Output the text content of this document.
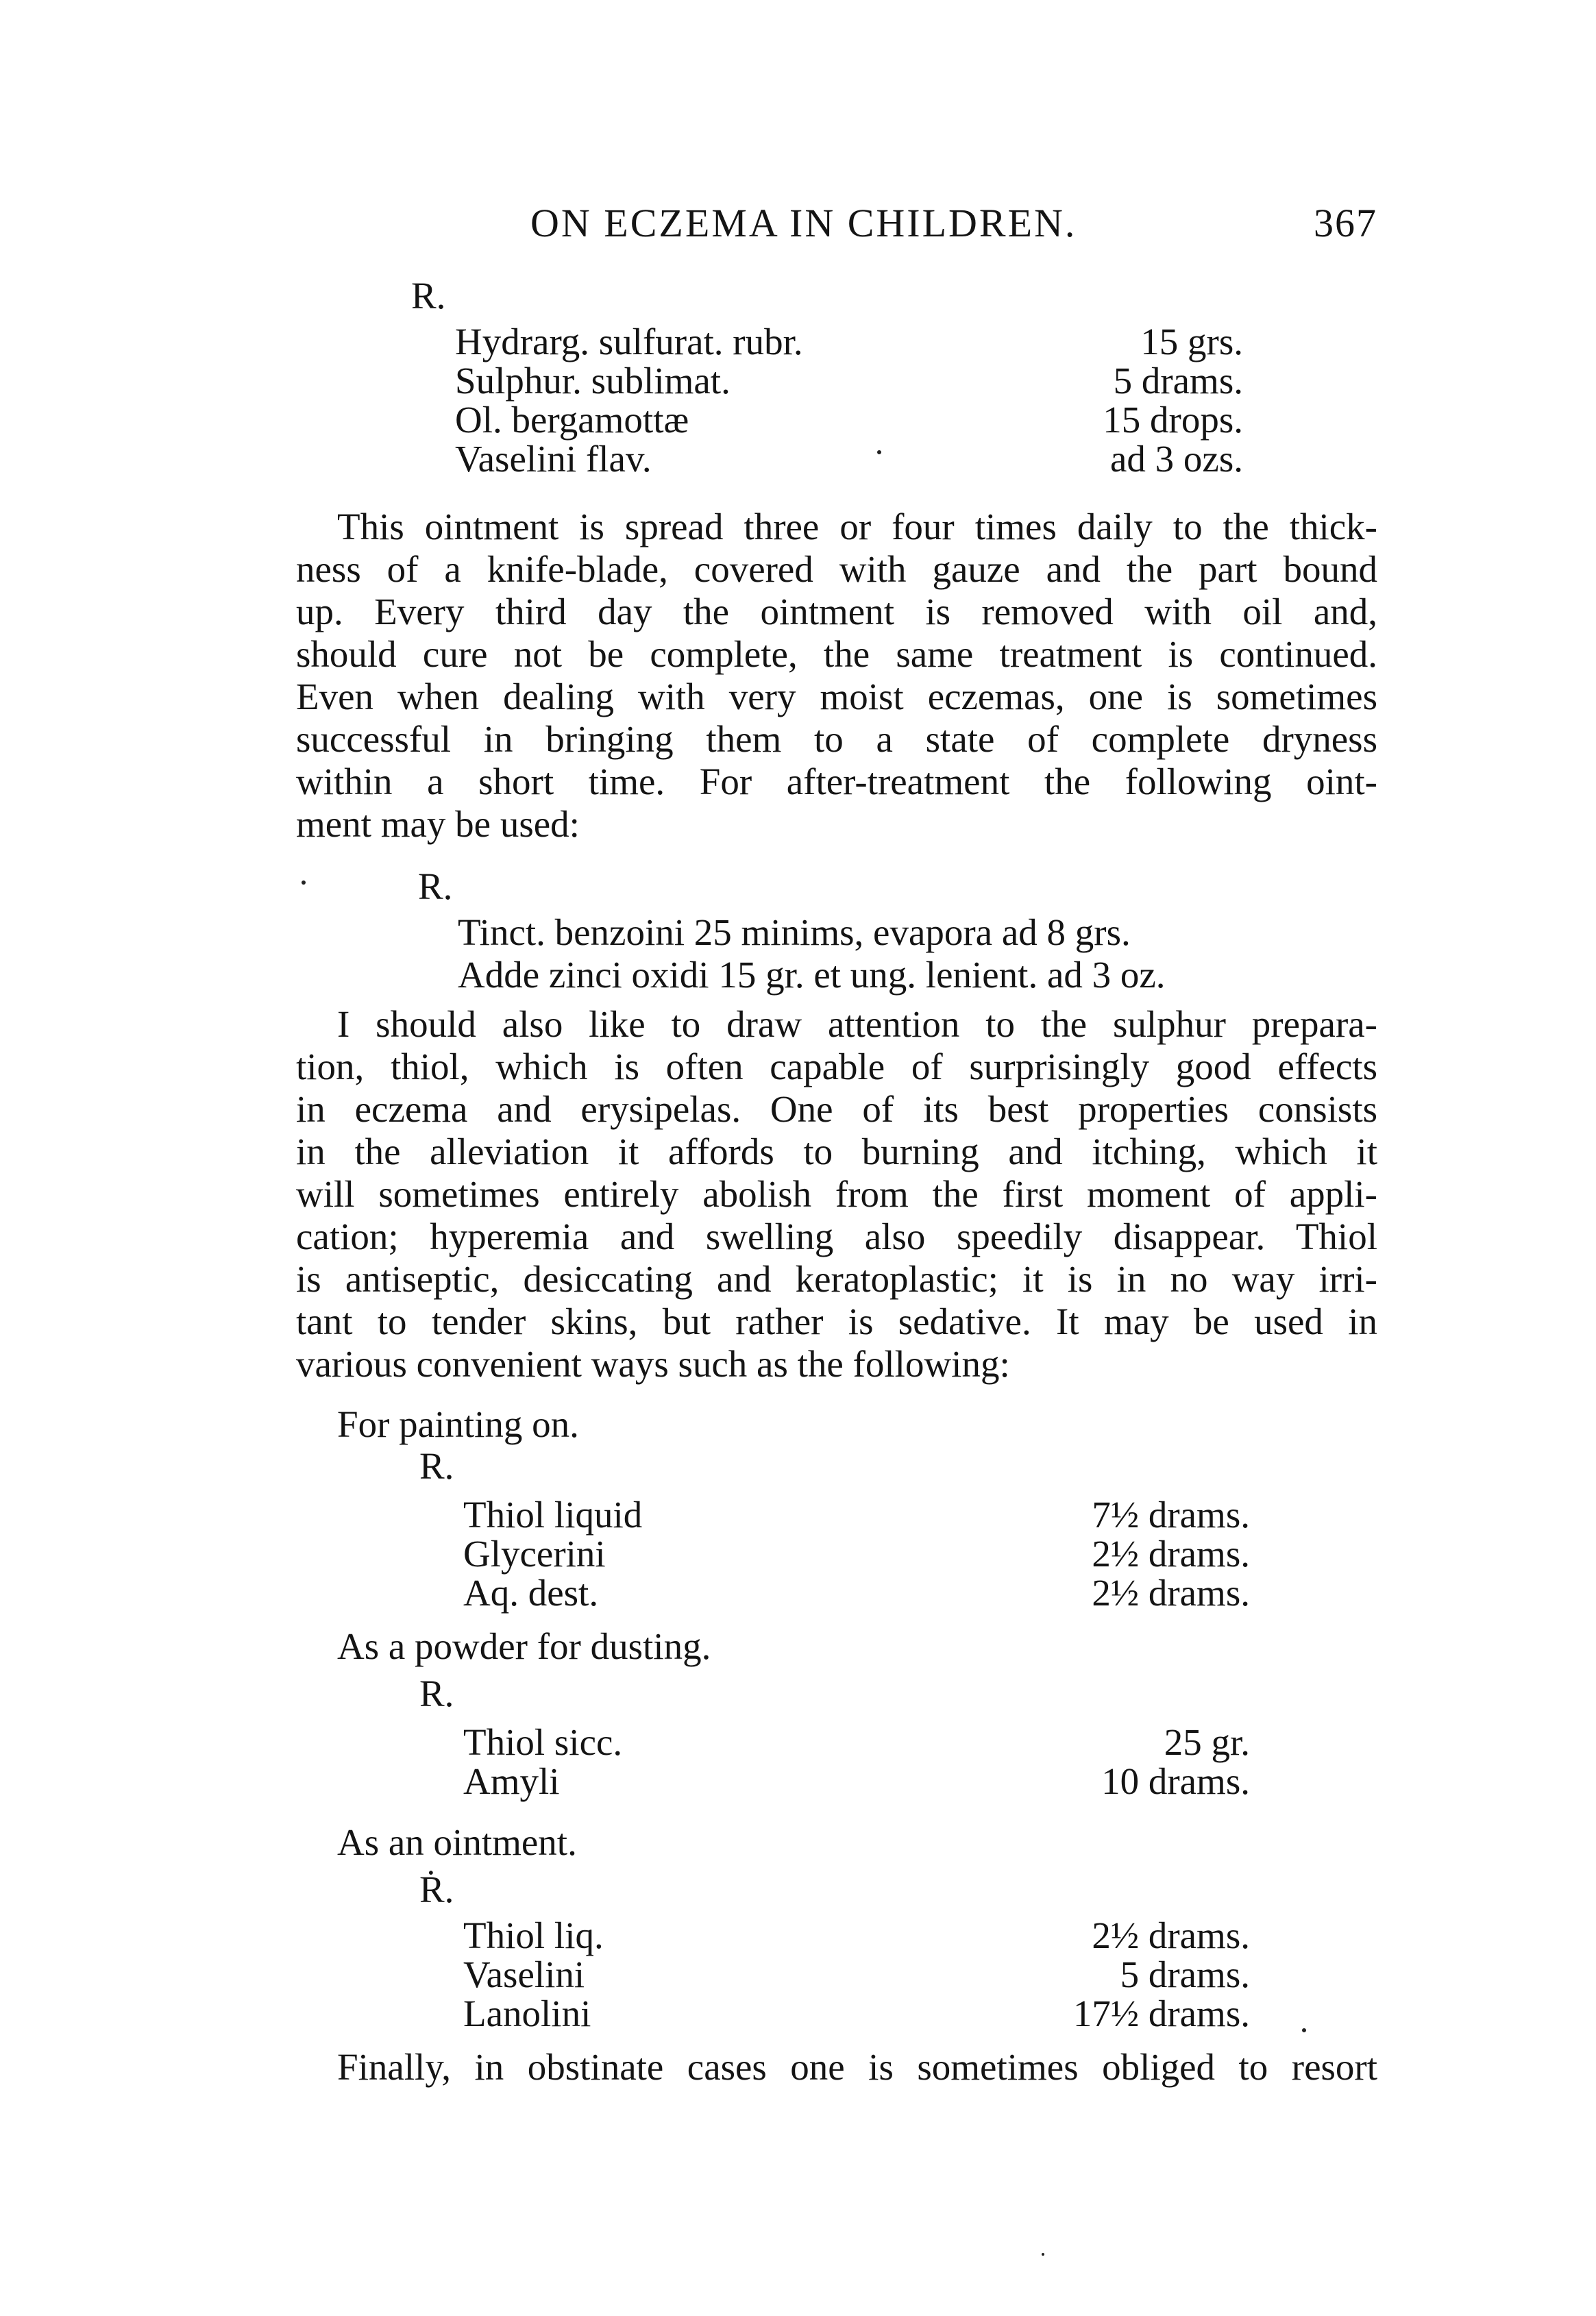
ON ECZEMA IN CHILDREN.	367
R.
Hydrarg. sulfurat. rubr.	15 grs.
Sulphur. sublimat.	5 drams.
Ol. bergamottæ	15 drops.
Vaselini flav.	ad 3 ozs.
This ointment is spread three or four times daily to the thick-
ness of a knife-blade, covered with gauze and the part bound
up. Every third day the ointment is removed with oil and,
should cure not be complete, the same treatment is continued.
Even when dealing with very moist eczemas, one is sometimes
successful in bringing them to a state of complete dryness
within a short time. For after-treatment the following oint-
ment may be used:
R.
Tinct. benzoini 25 minims, evapora ad 8 grs.
Adde zinci oxidi 15 gr. et ung. lenient. ad 3 oz.
I should also like to draw attention to the sulphur prepara-
tion, thiol, which is often capable of surprisingly good effects
in eczema and erysipelas. One of its best properties consists
in the alleviation it affords to burning and itching, which it
will sometimes entirely abolish from the first moment of appli-
cation; hyperemia and swelling also speedily disappear. Thiol
is antiseptic, desiccating and keratoplastic; it is in no way irri-
tant to tender skins, but rather is sedative. It may be used in
various convenient ways such as the following:
For painting on.
R.
Thiol liquid	7½ drams.
Glycerini	2½ drams.
Aq. dest.	2½ drams.
As a powder for dusting.
R.
Thiol sicc.	25 gr.
Amyli	10 drams.
As an ointment.
Ṙ.
Thiol liq.	2½ drams.
Vaselini	5 drams.
Lanolini	17½ drams.
Finally, in obstinate cases one is sometimes obliged to resort
